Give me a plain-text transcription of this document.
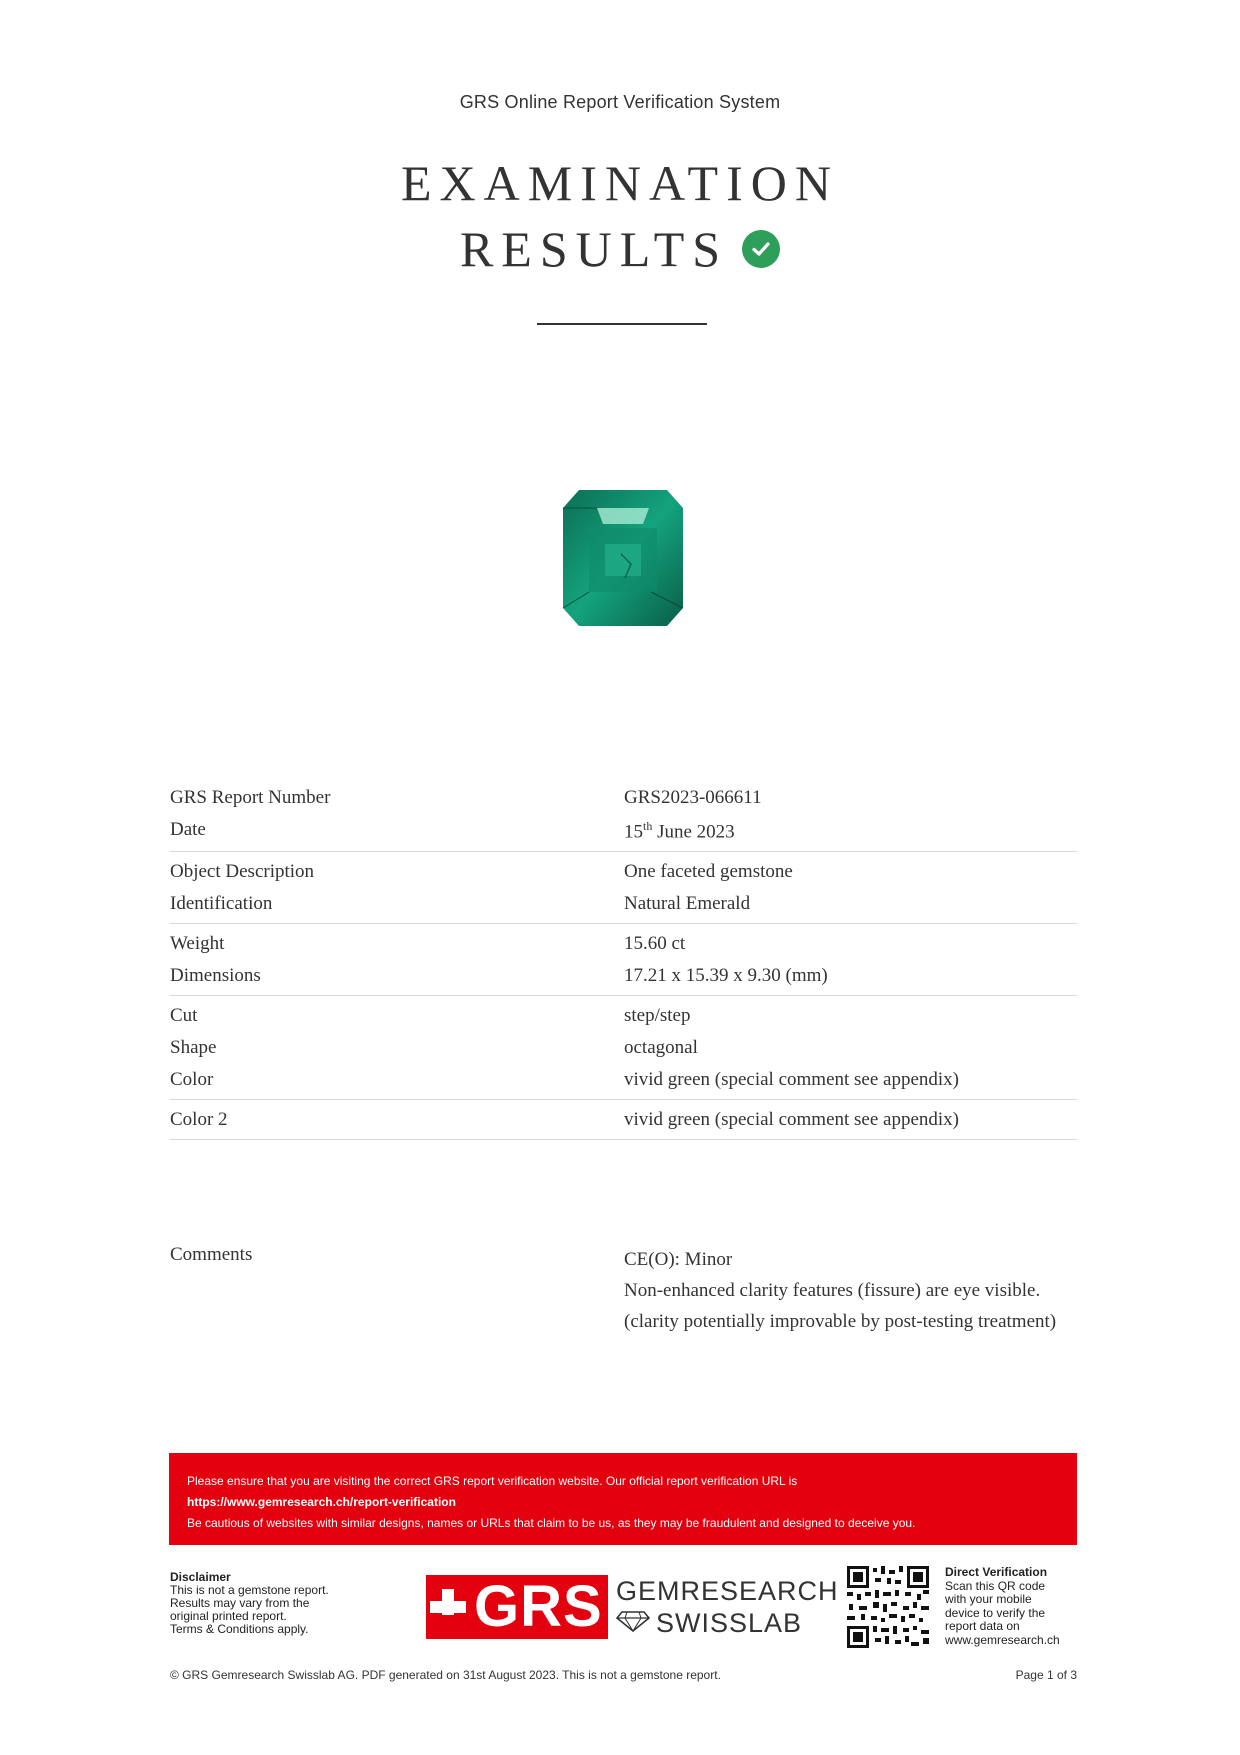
GRS Online Report Verification System
EXAMINATION
RESULTS
GRS Report Number	GRS2023-066611
Date	15th June 2023
Object Description	One faceted gemstone
Identification	Natural Emerald
Weight	15.60 ct
Dimensions	17.21 x 15.39 x 9.30 (mm)
Cut	step/step
Shape	octagonal
Color	vivid green (special comment see appendix)
Color 2	vivid green (special comment see appendix)
Comments	CE(O): Minor
Non-enhanced clarity features (fissure) are eye visible.
(clarity potentially improvable by post-testing treatment)
Please ensure that you are visiting the correct GRS report verification website. Our official report verification URL is
https://www.gemresearch.ch/report-verification
Be cautious of websites with similar designs, names or URLs that claim to be us, as they may be fraudulent and designed to deceive you.
Disclaimer
This is not a gemstone report.
Results may vary from the
original printed report.
Terms & Conditions apply.	GRS GEMRESEARCH
SWISSLAB
Direct Verification
Scan this QR code
with your mobile
device to verify the
report data on
www.gemresearch.ch
© GRS Gemresearch Swisslab AG. PDF generated on 31st August 2023. This is not a gemstone report.	Page 1 of 3
